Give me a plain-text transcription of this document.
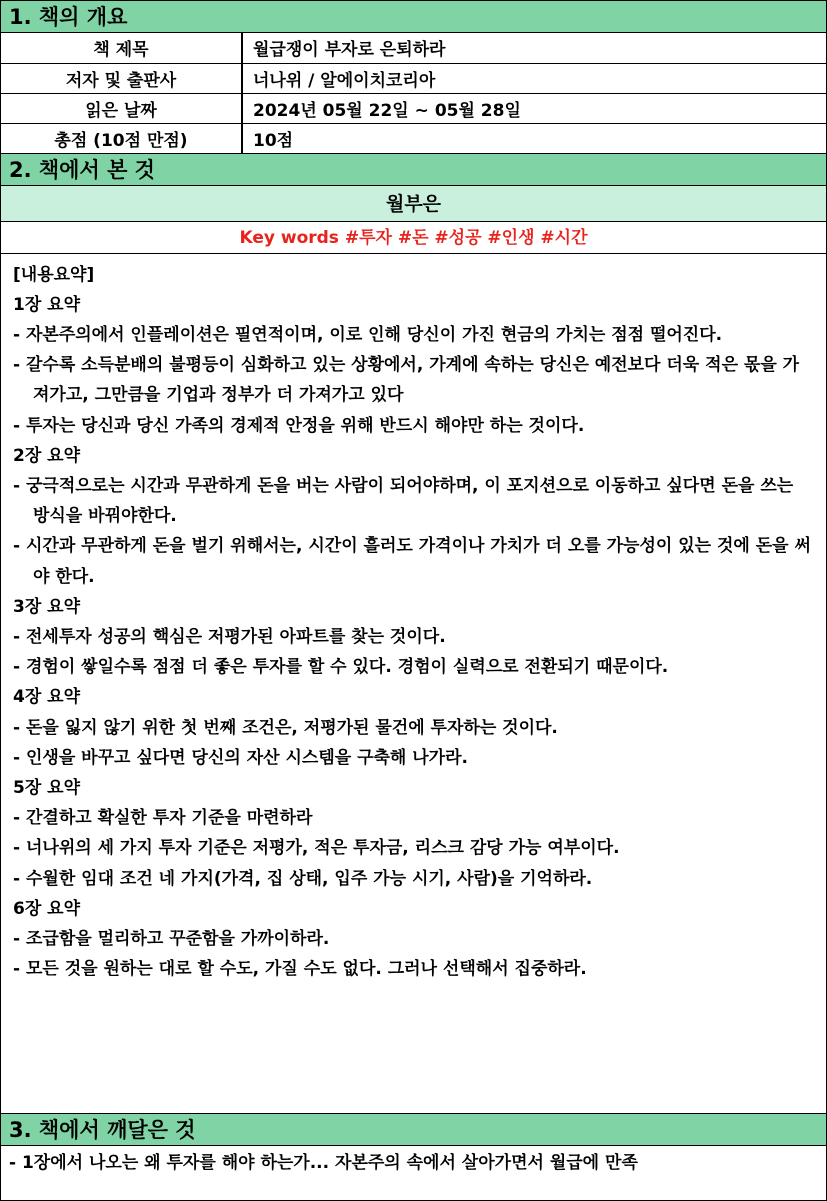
1. 책의 개요
책 제목	월급쟁이 부자로 은퇴하라
저자 및 출판사	너나위 / 알에이치코리아
읽은 날짜	2024년 05월 22일 ~ 05월 28일
총점 (10점 만점)	10점
2. 책에서 본 것
월부은
Key words #투자 #돈 #성공 #인생 #시간
[내용요약]
1장 요약
- 자본주의에서 인플레이션은 필연적이며, 이로 인해 당신이 가진 현금의 가치는 점점 떨어진다.
- 갈수록 소득분배의 불평등이 심화하고 있는 상황에서, 가계에 속하는 당신은 예전보다 더욱 적은 몫을 가져가고, 그만큼을 기업과 정부가 더 가져가고 있다
- 투자는 당신과 당신 가족의 경제적 안정을 위해 반드시 해야만 하는 것이다.
2장 요약
- 궁극적으로는 시간과 무관하게 돈을 버는 사람이 되어야하며, 이 포지션으로 이동하고 싶다면 돈을 쓰는 방식을 바꿔야한다.
- 시간과 무관하게 돈을 벌기 위해서는, 시간이 흘러도 가격이나 가치가 더 오를 가능성이 있는 것에 돈을 써야 한다.
3장 요약
- 전세투자 성공의 핵심은 저평가된 아파트를 찾는 것이다.
- 경험이 쌓일수록 점점 더 좋은 투자를 할 수 있다. 경험이 실력으로 전환되기 때문이다.
4장 요약
- 돈을 잃지 않기 위한 첫 번째 조건은, 저평가된 물건에 투자하는 것이다.
- 인생을 바꾸고 싶다면 당신의 자산 시스템을 구축해 나가라.
5장 요약
- 간결하고 확실한 투자 기준을 마련하라
- 너나위의 세 가지 투자 기준은 저평가, 적은 투자금, 리스크 감당 가능 여부이다.
- 수월한 임대 조건 네 가지(가격, 집 상태, 입주 가능 시기, 사람)을 기억하라.
6장 요약
- 조급함을 멀리하고 꾸준함을 가까이하라.
- 모든 것을 원하는 대로 할 수도, 가질 수도 없다. 그러나 선택해서 집중하라.
3. 책에서 깨달은 것
- 1장에서 나오는 왜 투자를 해야 하는가... 자본주의 속에서 살아가면서 월급에 만족
